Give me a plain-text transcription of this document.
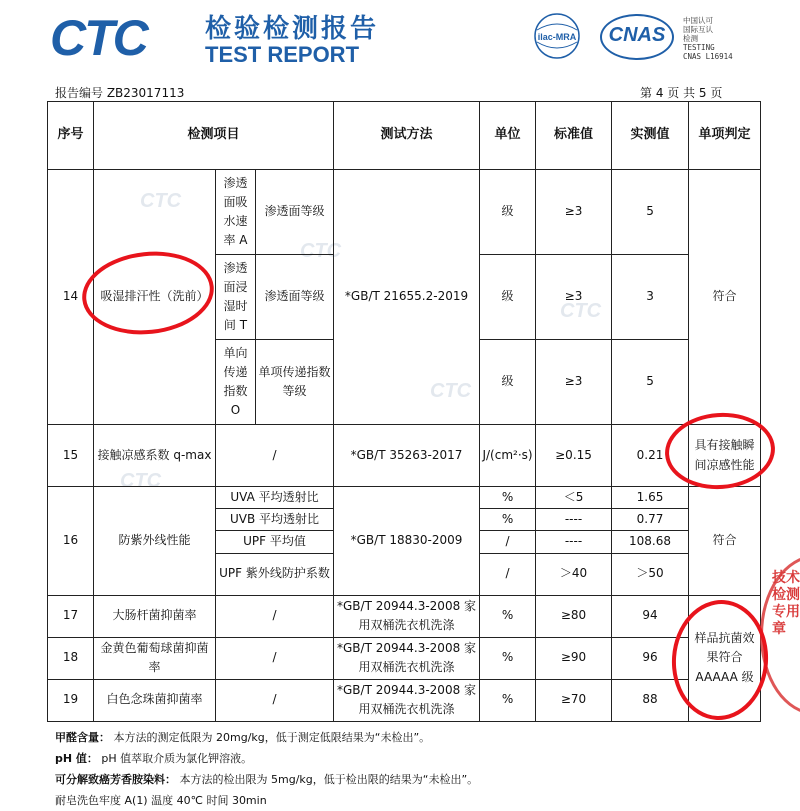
CTC 检验检测报告
TEST REPORT
ilac-MRA	CNAS
中国认可
国际互认
检测
TESTING
CNAS L16914
CTC
CTC
CTC
CTC
CTC
报告编号 ZB23017113	第 4 页 共 5 页
序号	检测项目			测试方法	单位	标准值	实测值	单项判定
14	吸湿排汗性（洗前）	渗透面吸水速率 A	渗透面等级	*GB/T 21655.2-2019	级	≥3	5	符合
		渗透面浸湿时间 T	渗透面等级		级	≥3	3	
		单向传递指数 O	单项传递指数等级		级	≥3	5	
15	接触凉感系数 q-max	/		*GB/T 35263-2017	J/(cm²·s)	≥0.15	0.21	具有接触瞬间凉感性能
16	防紫外线性能	UVA 平均透射比		*GB/T 18830-2009	%	＜5	1.65	符合
		UVB 平均透射比			%	----	0.77	
		UPF 平均值			/	----	108.68	
		UPF 紫外线防护系数			/	＞40	＞50	
17	大肠杆菌抑菌率	/		*GB/T 20944.3-2008 家用双桶洗衣机洗涤	%	≥80	94	样品抗菌效果符合 AAAAA 级
18	金黄色葡萄球菌抑菌率	/		*GB/T 20944.3-2008 家用双桶洗衣机洗涤	%	≥90	96	
19	白色念珠菌抑菌率	/		*GB/T 20944.3-2008 家用双桶洗衣机洗涤	%	≥70	88	
甲醛含量： 本方法的测定低限为 20mg/kg，低于测定低限结果为“未检出”。
pH 值： pH 值萃取介质为氯化钾溶液。
可分解致癌芳香胺染料： 本方法的检出限为 5mg/kg，低于检出限的结果为“未检出”。
耐皂洗色牢度 A(1) 温度 40℃ 时间 30min
技术检测专用章
